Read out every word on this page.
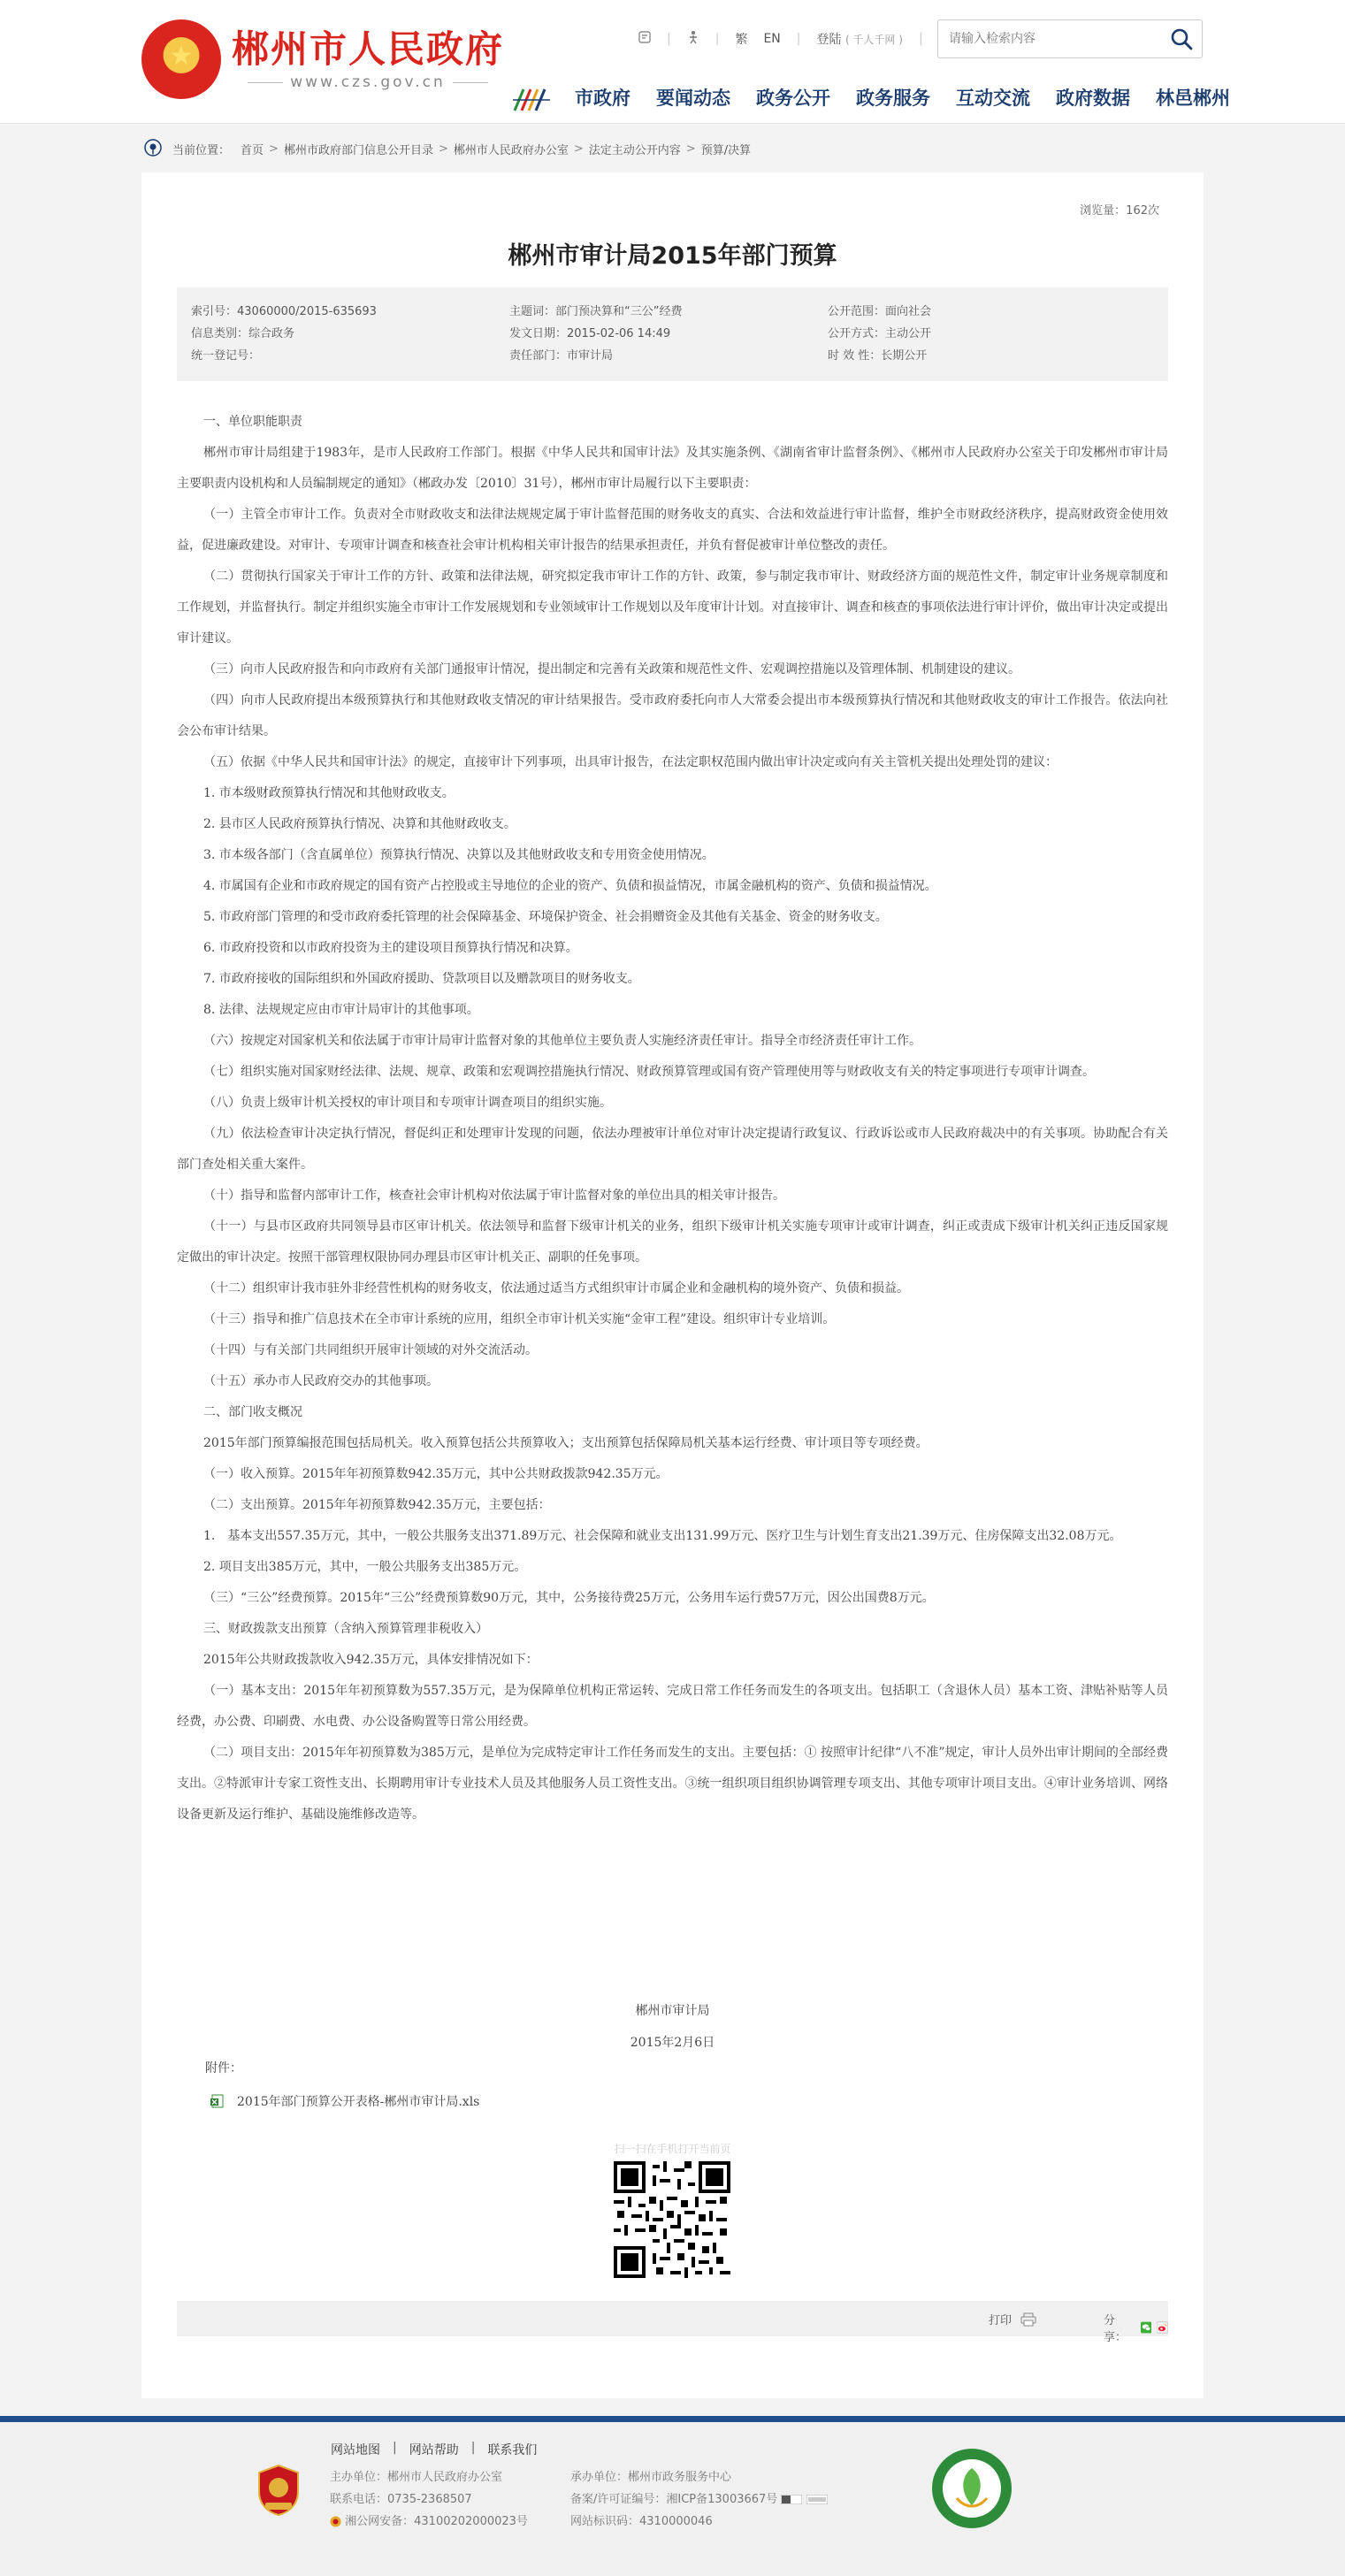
★
郴州市人民政府
www.czs.gov.cn
|	| 繁 EN | 登陆 ( 千人千网 ) |
请输入检索内容
市政府 要闻动态 政务公开 政务服务 互动交流 政府数据 林邑郴州
当前位置： 首页 > 郴州市政府部门信息公开目录 > 郴州市人民政府办公室 > 法定主动公开内容 > 预算/决算
浏览量：162次
郴州市审计局2015年部门预算
索引号：43060000/2015-635693	主题词：部门预决算和“三公”经费	公开范围：面向社会
信息类别：综合政务	发文日期：2015-02-06 14:49	公开方式：主动公开
统一登记号：	责任部门：市审计局	时 效 性：长期公开

一、单位职能职责

郴州市审计局组建于1983年，是市人民政府工作部门。根据《中华人民共和国审计法》及其实施条例、《湖南省审计监督条例》、《郴州市人民政府办公室关于印发郴州市审计局主要职责内设机构和人员编制规定的通知》（郴政办发〔2010〕31号），郴州市审计局履行以下主要职责：

（一）主管全市审计工作。负责对全市财政收支和法律法规规定属于审计监督范围的财务收支的真实、合法和效益进行审计监督，维护全市财政经济秩序，提高财政资金使用效益，促进廉政建设。对审计、专项审计调查和核查社会审计机构相关审计报告的结果承担责任，并负有督促被审计单位整改的责任。

（二）贯彻执行国家关于审计工作的方针、政策和法律法规，研究拟定我市审计工作的方针、政策，参与制定我市审计、财政经济方面的规范性文件，制定审计业务规章制度和工作规划，并监督执行。制定并组织实施全市审计工作发展规划和专业领域审计工作规划以及年度审计计划。对直接审计、调查和核查的事项依法进行审计评价，做出审计决定或提出审计建议。

（三）向市人民政府报告和向市政府有关部门通报审计情况，提出制定和完善有关政策和规范性文件、宏观调控措施以及管理体制、机制建设的建议。

（四）向市人民政府提出本级预算执行和其他财政收支情况的审计结果报告。受市政府委托向市人大常委会提出市本级预算执行情况和其他财政收支的审计工作报告。依法向社会公布审计结果。

（五）依据《中华人民共和国审计法》的规定，直接审计下列事项，出具审计报告，在法定职权范围内做出审计决定或向有关主管机关提出处理处罚的建议：

1. 市本级财政预算执行情况和其他财政收支。

2. 县市区人民政府预算执行情况、决算和其他财政收支。

3. 市本级各部门（含直属单位）预算执行情况、决算以及其他财政收支和专用资金使用情况。

4. 市属国有企业和市政府规定的国有资产占控股或主导地位的企业的资产、负债和损益情况，市属金融机构的资产、负债和损益情况。

5. 市政府部门管理的和受市政府委托管理的社会保障基金、环境保护资金、社会捐赠资金及其他有关基金、资金的财务收支。

6. 市政府投资和以市政府投资为主的建设项目预算执行情况和决算。

7. 市政府接收的国际组织和外国政府援助、贷款项目以及赠款项目的财务收支。

8. 法律、法规规定应由市审计局审计的其他事项。

（六）按规定对国家机关和依法属于市审计局审计监督对象的其他单位主要负责人实施经济责任审计。指导全市经济责任审计工作。

（七）组织实施对国家财经法律、法规、规章、政策和宏观调控措施执行情况、财政预算管理或国有资产管理使用等与财政收支有关的特定事项进行专项审计调查。

（八）负责上级审计机关授权的审计项目和专项审计调查项目的组织实施。

（九）依法检查审计决定执行情况，督促纠正和处理审计发现的问题，依法办理被审计单位对审计决定提请行政复议、行政诉讼或市人民政府裁决中的有关事项。协助配合有关部门查处相关重大案件。

（十）指导和监督内部审计工作，核查社会审计机构对依法属于审计监督对象的单位出具的相关审计报告。

（十一）与县市区政府共同领导县市区审计机关。依法领导和监督下级审计机关的业务，组织下级审计机关实施专项审计或审计调查，纠正或责成下级审计机关纠正违反国家规定做出的审计决定。按照干部管理权限协同办理县市区审计机关正、副职的任免事项。

（十二）组织审计我市驻外非经营性机构的财务收支，依法通过适当方式组织审计市属企业和金融机构的境外资产、负债和损益。

（十三）指导和推广信息技术在全市审计系统的应用，组织全市审计机关实施“金审工程”建设。组织审计专业培训。

（十四）与有关部门共同组织开展审计领域的对外交流活动。

（十五）承办市人民政府交办的其他事项。

二、部门收支概况

2015年部门预算编报范围包括局机关。收入预算包括公共预算收入；支出预算包括保障局机关基本运行经费、审计项目等专项经费。

（一）收入预算。2015年年初预算数942.35万元，其中公共财政拨款942.35万元。

（二）支出预算。2015年年初预算数942.35万元，主要包括：

1.　基本支出557.35万元，其中，一般公共服务支出371.89万元、社会保障和就业支出131.99万元、医疗卫生与计划生育支出21.39万元、住房保障支出32.08万元。

2. 项目支出385万元，其中，一般公共服务支出385万元。

（三）“三公”经费预算。2015年“三公”经费预算数90万元，其中，公务接待费25万元，公务用车运行费57万元，因公出国费8万元。

三、财政拨款支出预算（含纳入预算管理非税收入）

2015年公共财政拨款收入942.35万元，具体安排情况如下：

（一）基本支出：2015年年初预算数为557.35万元，是为保障单位机构正常运转、完成日常工作任务而发生的各项支出。包括职工（含退休人员）基本工资、津贴补贴等人员经费，办公费、印刷费、水电费、办公设备购置等日常公用经费。

（二）项目支出：2015年年初预算数为385万元，是单位为完成特定审计工作任务而发生的支出。主要包括：① 按照审计纪律“八不准”规定，审计人员外出审计期间的全部经费支出。②特派审计专家工资性支出、长期聘用审计专业技术人员及其他服务人员工资性支出。③统一组织项目组织协调管理专项支出、其他专项审计项目支出。④审计业务培训、网络设备更新及运行维护、基础设施维修改造等。

郴州市审计局
2015年2月6日
附件：
2015年部门预算公开表格-郴州市审计局.xls
扫一扫在手机打开当前页
打印	分享：
网站地图 | 网站帮助 | 联系我们
主办单位：郴州市人民政府办公室
联系电话：0735-2368507
湘公网安备：43100202000023号
承办单位：郴州市政务服务中心
备案/许可证编号：湘ICP备13003667号
网站标识码：4310000046
